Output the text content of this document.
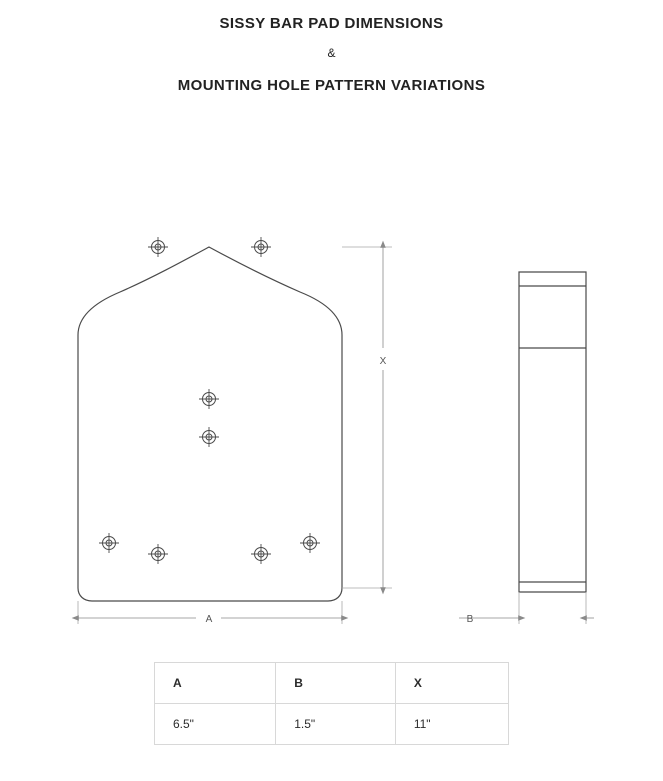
SISSY BAR PAD DIMENSIONS
&
MOUNTING HOLE PATTERN VARIATIONS
X
A	B
A	B	X
6.5"	1.5"	11"
